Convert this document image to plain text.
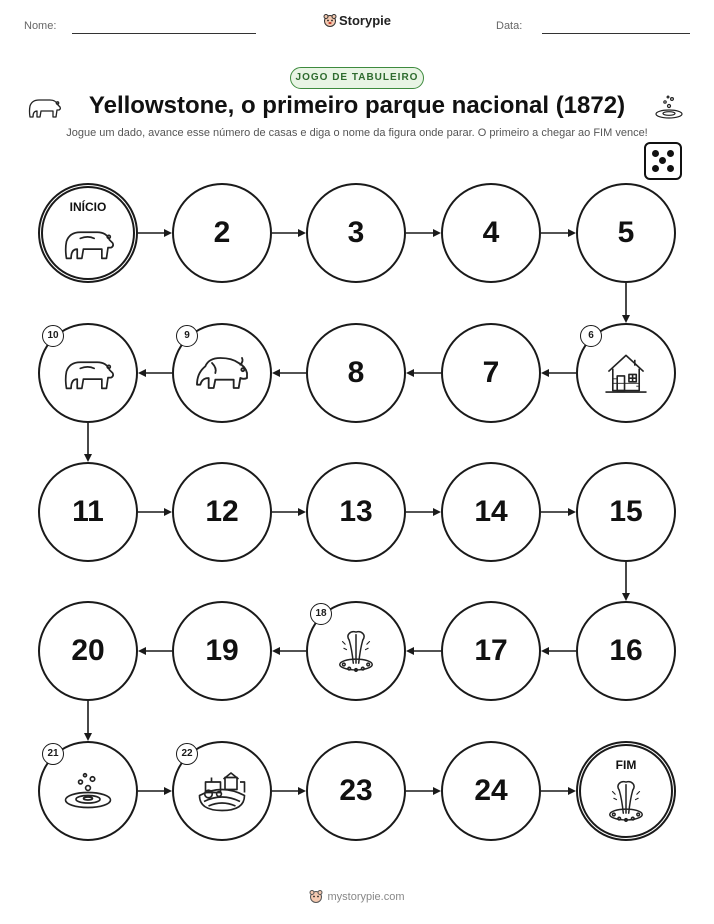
Nome:	Storypie	Data:
JOGO DE TABULEIRO
Yellowstone, o primeiro parque nacional (1872)
Jogue um dado, avance esse número de casas e diga o nome da figura onde parar. O primeiro a chegar ao FIM vence!
INÍCIO
2	3	4	5
6
7
8
9
10
11	12	13	14	15
16
17
18
19
20
21	22
23	24
FIM
mystorypie.com
